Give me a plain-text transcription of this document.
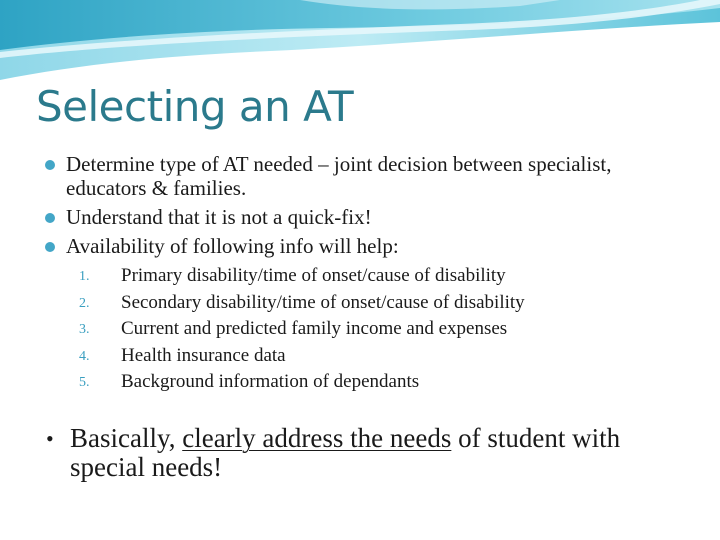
Selecting an AT
Determine type of AT needed – joint decision between specialist, educators & families.
Understand that it is not a quick-fix!
Availability of following info will help:
1. Primary disability/time of onset/cause of disability
2. Secondary disability/time of onset/cause of disability
3. Current and predicted family income and expenses
4. Health insurance data
5. Background information of dependants
• Basically, clearly address the needs of student with special needs!
